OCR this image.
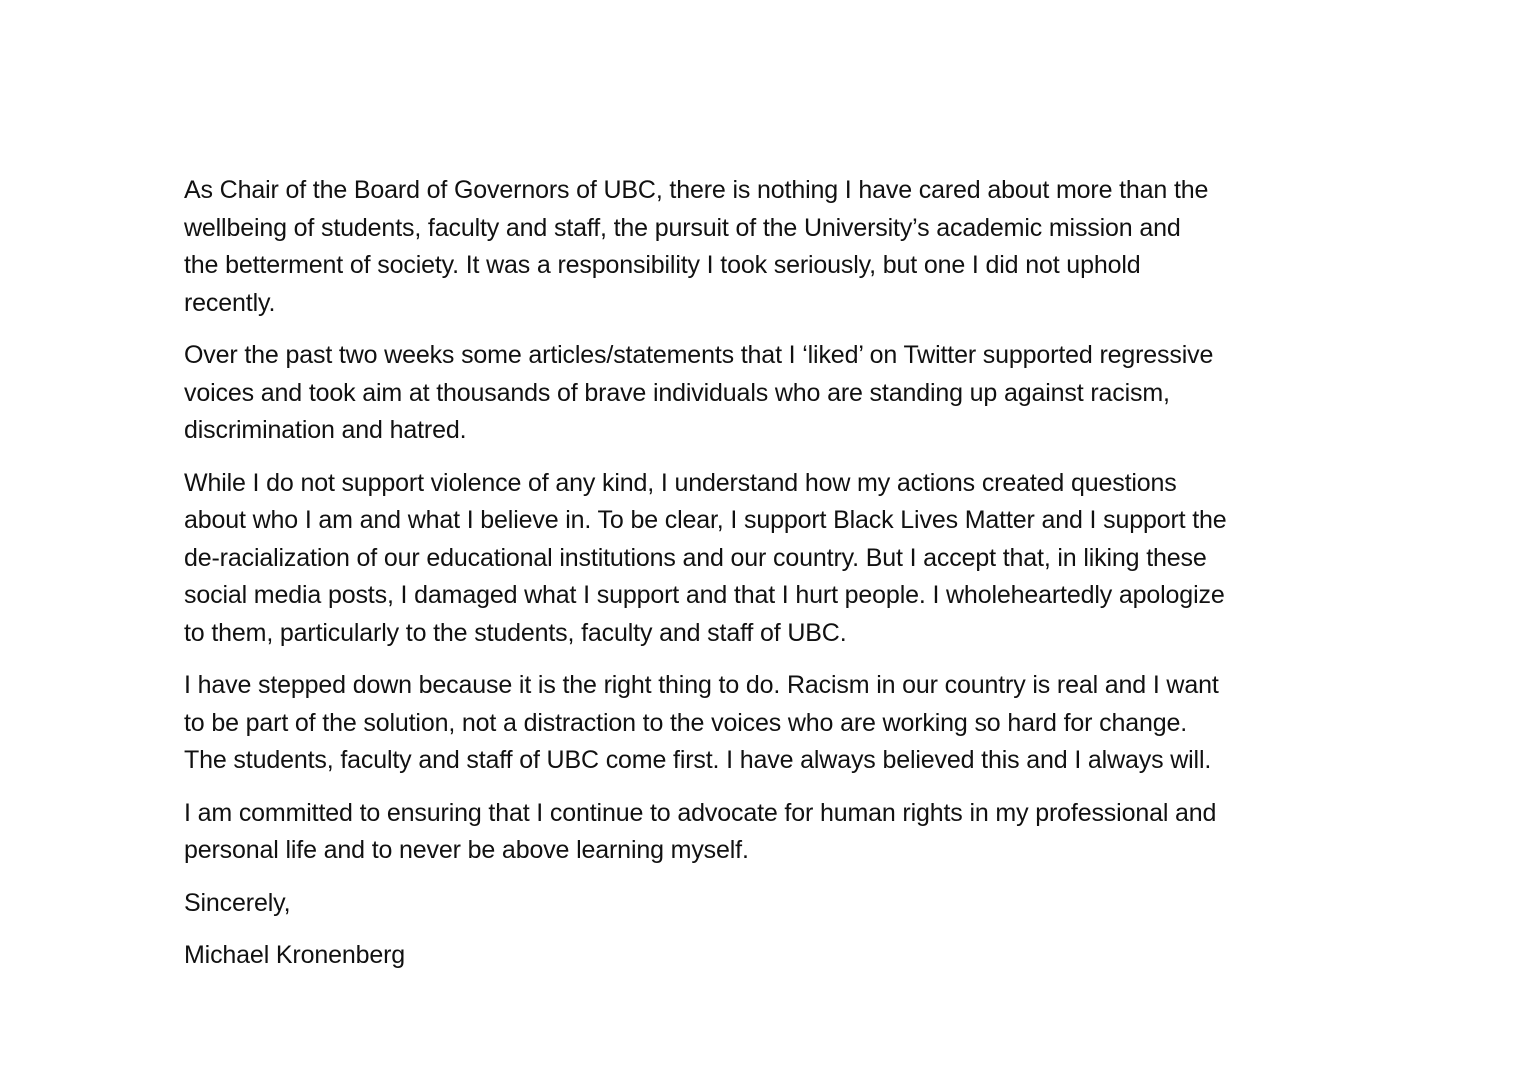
As Chair of the Board of Governors of UBC, there is nothing I have cared about more than the
wellbeing of students, faculty and staff, the pursuit of the University’s academic mission and
the betterment of society. It was a responsibility I took seriously, but one I did not uphold
recently.

Over the past two weeks some articles/statements that I ‘liked’ on Twitter supported regressive
voices and took aim at thousands of brave individuals who are standing up against racism,
discrimination and hatred.

While I do not support violence of any kind, I understand how my actions created questions
about who I am and what I believe in. To be clear, I support Black Lives Matter and I support the
de-racialization of our educational institutions and our country. But I accept that, in liking these
social media posts, I damaged what I support and that I hurt people. I wholeheartedly apologize
to them, particularly to the students, faculty and staff of UBC.

I have stepped down because it is the right thing to do. Racism in our country is real and I want
to be part of the solution, not a distraction to the voices who are working so hard for change.
The students, faculty and staff of UBC come first. I have always believed this and I always will.

I am committed to ensuring that I continue to advocate for human rights in my professional and
personal life and to never be above learning myself.

Sincerely,

Michael Kronenberg
